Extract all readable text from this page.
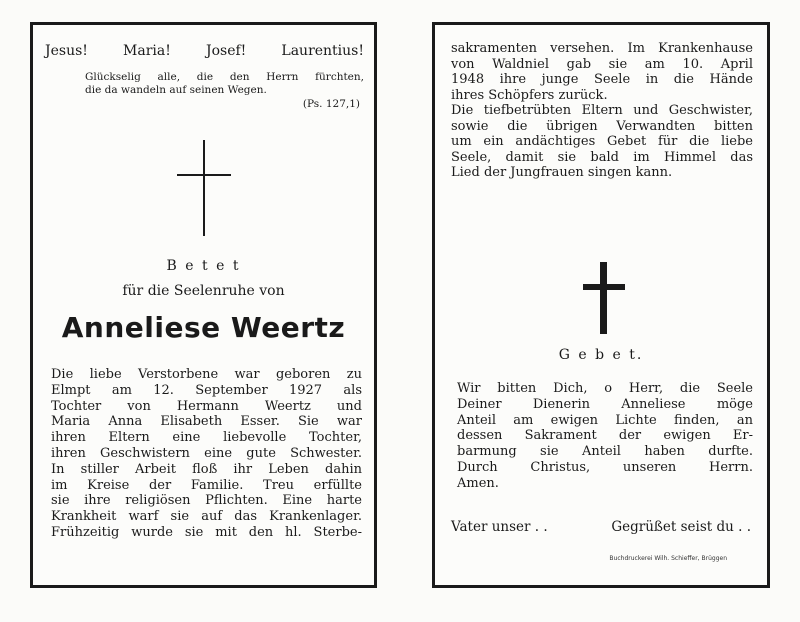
Jesus! Maria! Josef! Laurentius!
Glückselig alle, die den Herrn fürchten,
die da wandeln auf seinen Wegen.
(Ps. 127,1)
B e t e t
für die Seelenruhe von
Anneliese Weertz
Die liebe Verstorbene war geboren zu
Elmpt am 12. September 1927 als
Tochter von Hermann Weertz und
Maria Anna Elisabeth Esser. Sie war
ihren Eltern eine liebevolle Tochter,
ihren Geschwistern eine gute Schwester.
In stiller Arbeit floß ihr Leben dahin
im Kreise der Familie. Treu erfüllte
sie ihre religiösen Pflichten. Eine harte
Krankheit warf sie auf das Krankenlager.
Frühzeitig wurde sie mit den hl. Sterbe-
sakramenten versehen. Im Krankenhause
von Waldniel gab sie am 10. April
1948 ihre junge Seele in die Hände
ihres Schöpfers zurück.
Die tiefbetrübten Eltern und Geschwister,
sowie die übrigen Verwandten bitten
um ein andächtiges Gebet für die liebe
Seele, damit sie bald im Himmel das
Lied der Jungfrauen singen kann.
G e b e t.
Wir bitten Dich, o Herr, die Seele
Deiner Dienerin Anneliese möge
Anteil am ewigen Lichte finden, an
dessen Sakrament der ewigen Er-
barmung sie Anteil haben durfte.
Durch Christus, unseren Herrn.
Amen.
Vater unser . .	Gegrüßet seist du . .
Buchdruckerei Wilh. Schieffer, Brüggen
